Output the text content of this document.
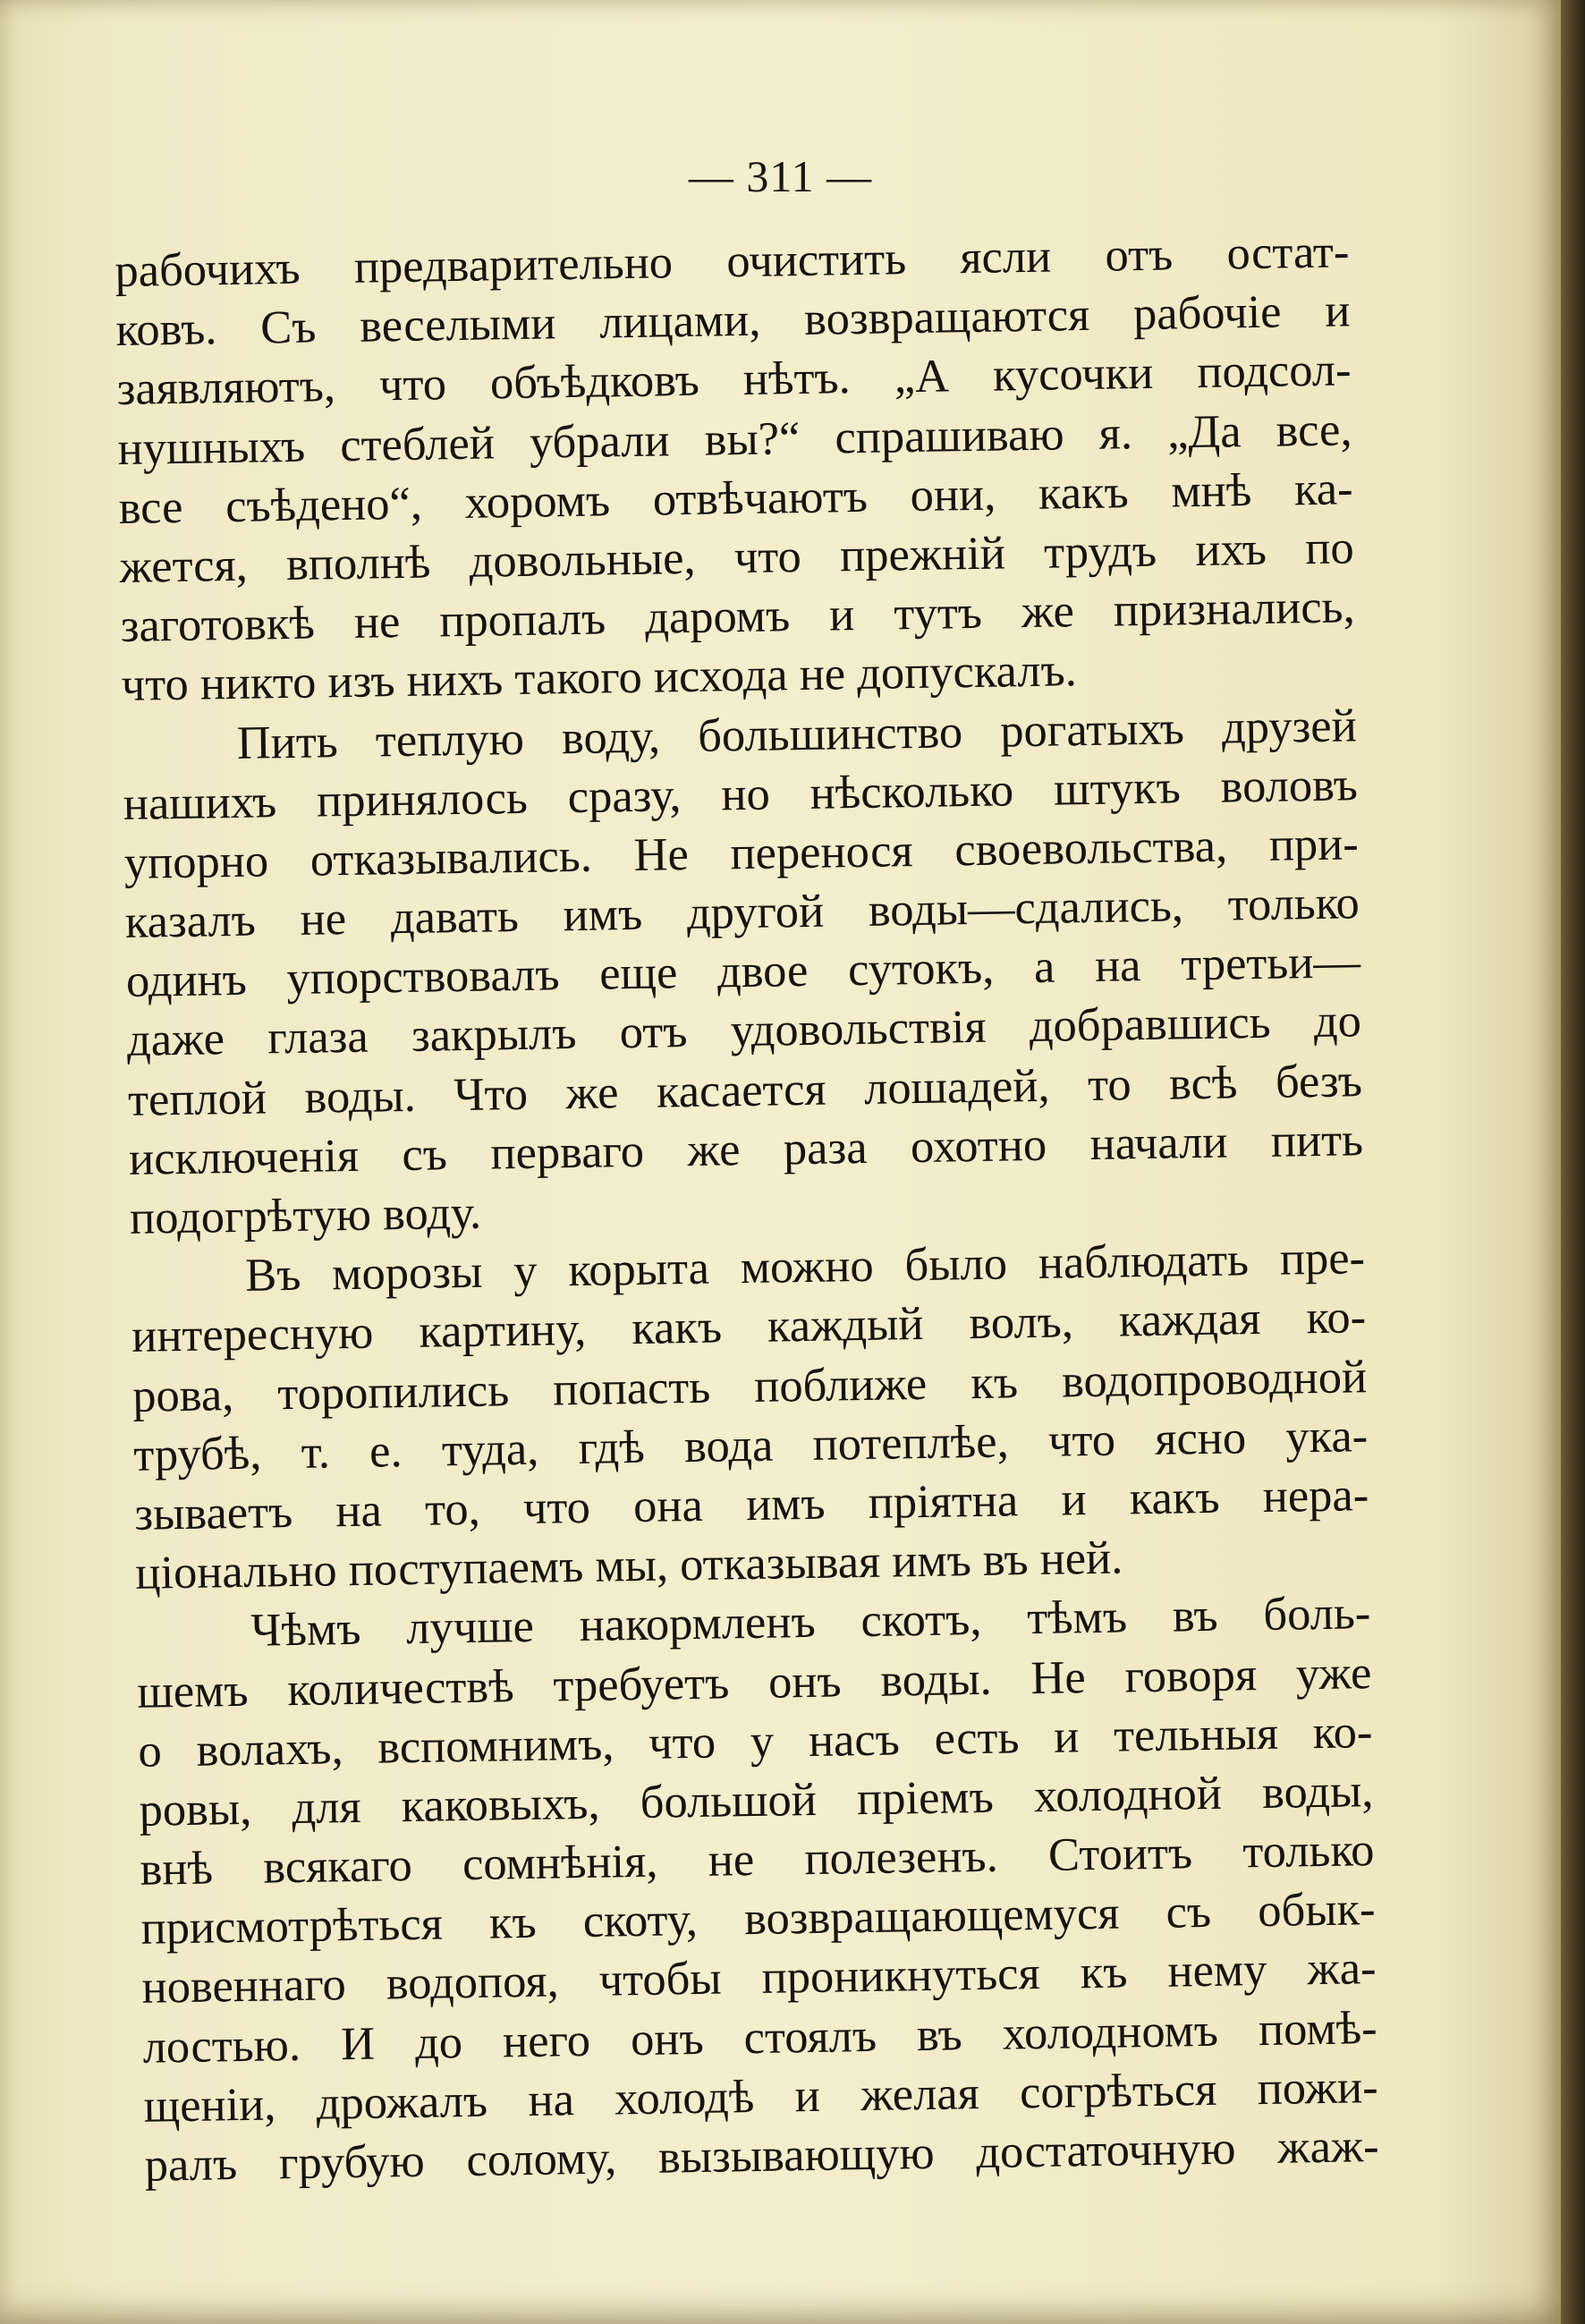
— 311 —
рабочихъ предварительно очистить ясли отъ остат-
ковъ. Съ веселыми лицами, возвращаются рабочіе и
заявляютъ, что объѣдковъ нѣтъ. „А кусочки подсол-
нушныхъ стеблей убрали вы?“ спрашиваю я. „Да все,
все съѣдено“, хоромъ отвѣчаютъ они, какъ мнѣ ка-
жется, вполнѣ довольные, что прежній трудъ ихъ по
заготовкѣ не пропалъ даромъ и тутъ же признались,
что никто изъ нихъ такого исхода не допускалъ.
Пить теплую воду, большинство рогатыхъ друзей
нашихъ принялось сразу, но нѣсколько штукъ воловъ
упорно отказывались. Не перенося своевольства, при-
казалъ не давать имъ другой воды—сдались, только
одинъ упорствовалъ еще двое сутокъ, а на третьи—
даже глаза закрылъ отъ удовольствія добравшись до
теплой воды. Что же касается лошадей, то всѣ безъ
исключенія съ перваго же раза охотно начали пить
подогрѣтую воду.
Въ морозы у корыта можно было наблюдать пре-
интересную картину, какъ каждый волъ, каждая ко-
рова, торопились попасть поближе къ водопроводной
трубѣ, т. е. туда, гдѣ вода потеплѣе, что ясно ука-
зываетъ на то, что она имъ пріятна и какъ нера-
ціонально поступаемъ мы, отказывая имъ въ ней.
Чѣмъ лучше накормленъ скотъ, тѣмъ въ боль-
шемъ количествѣ требуетъ онъ воды. Не говоря уже
о волахъ, вспомнимъ, что у насъ есть и тельныя ко-
ровы, для каковыхъ, большой пріемъ холодной воды,
внѣ всякаго сомнѣнія, не полезенъ. Стоитъ только
присмотрѣться къ скоту, возвращающемуся съ обык-
новеннаго водопоя, чтобы проникнуться къ нему жа-
лостью. И до него онъ стоялъ въ холодномъ помѣ-
щеніи, дрожалъ на холодѣ и желая согрѣться пожи-
ралъ грубую солому, вызывающую достаточную жаж-
